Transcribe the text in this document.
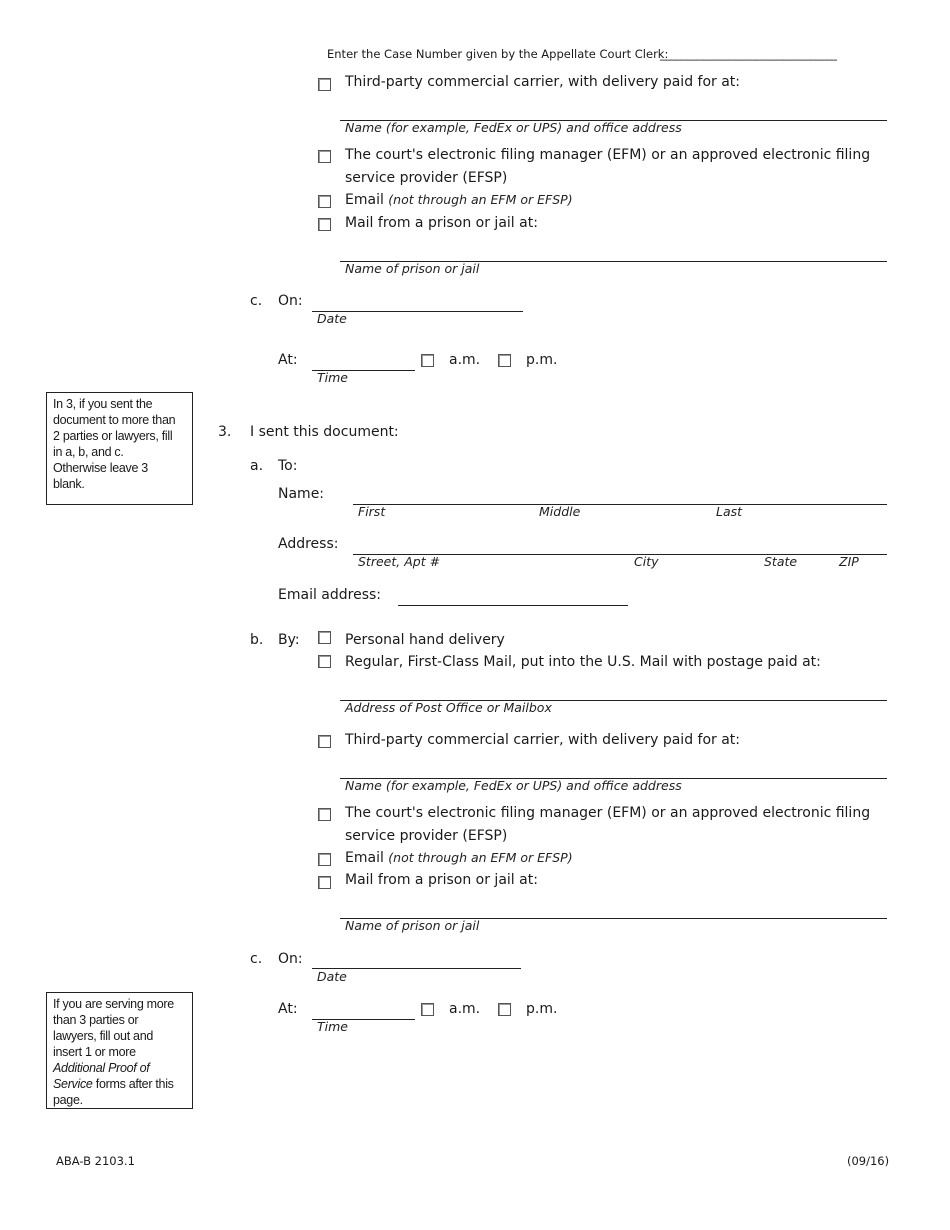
Enter the Case Number given by the Appellate Court Clerk:
_________________________________
Third-party commercial carrier, with delivery paid for at:
Name (for example, FedEx or UPS) and office address
The court's electronic filing manager (EFM) or an approved electronic filing
service provider (EFSP)
Email (not through an EFM or EFSP)
Mail from a prison or jail at:
Name of prison or jail
c. On:
Date
At:
Time
a.m.	p.m.
In 3, if you sent the
document to more than
2 parties or lawyers, fill
in a, b, and c.
Otherwise leave 3
blank.
3. I sent this document:
a. To:
Name:
First	Middle	Last
Address:
Street, Apt #	City	State	ZIP
Email address:
b. By:	Personal hand delivery
Regular, First-Class Mail, put into the U.S. Mail with postage paid at:
Address of Post Office or Mailbox
Third-party commercial carrier, with delivery paid for at:
Name (for example, FedEx or UPS) and office address
The court's electronic filing manager (EFM) or an approved electronic filing
service provider (EFSP)
Email (not through an EFM or EFSP)
Mail from a prison or jail at:
Name of prison or jail
c. On:
Date
If you are serving more
than 3 parties or
lawyers, fill out and
insert 1 or more
Additional Proof of
Service forms after this
page.
At:
Time
a.m.	p.m.
ABA-B 2103.1	(09/16)
